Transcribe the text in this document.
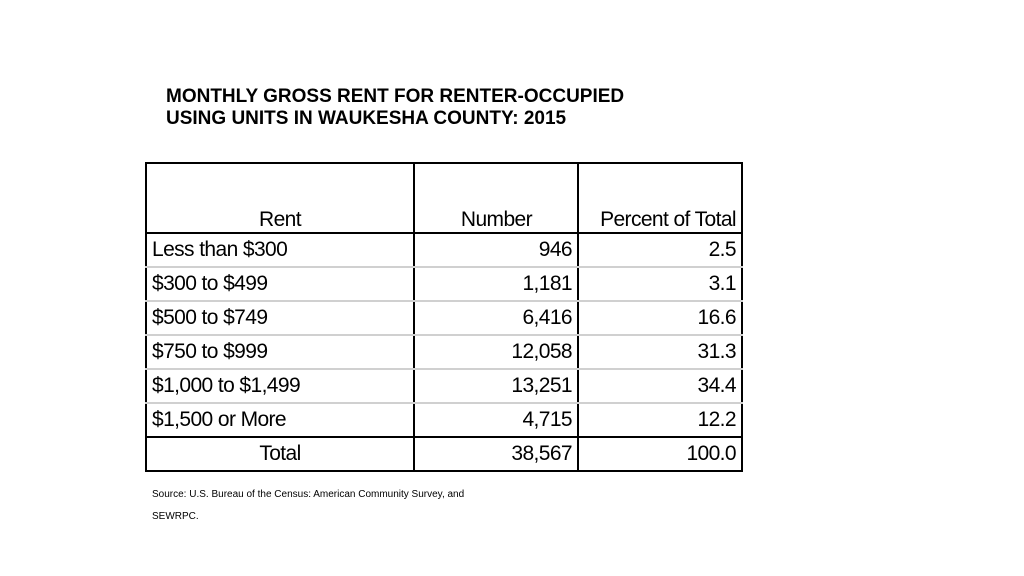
MONTHLY GROSS RENT FOR RENTER-OCCUPIED
USING UNITS IN WAUKESHA COUNTY: 2015
Rent	Number	Percent of Total
Less than $300	946	2.5
$300 to $499	1,181	3.1
$500 to $749	6,416	16.6
$750 to $999	12,058	31.3
$1,000 to $1,499	13,251	34.4
$1,500 or More	4,715	12.2
Total	38,567	100.0
Source: U.S. Bureau of the Census: American Community Survey, and
SEWRPC.
